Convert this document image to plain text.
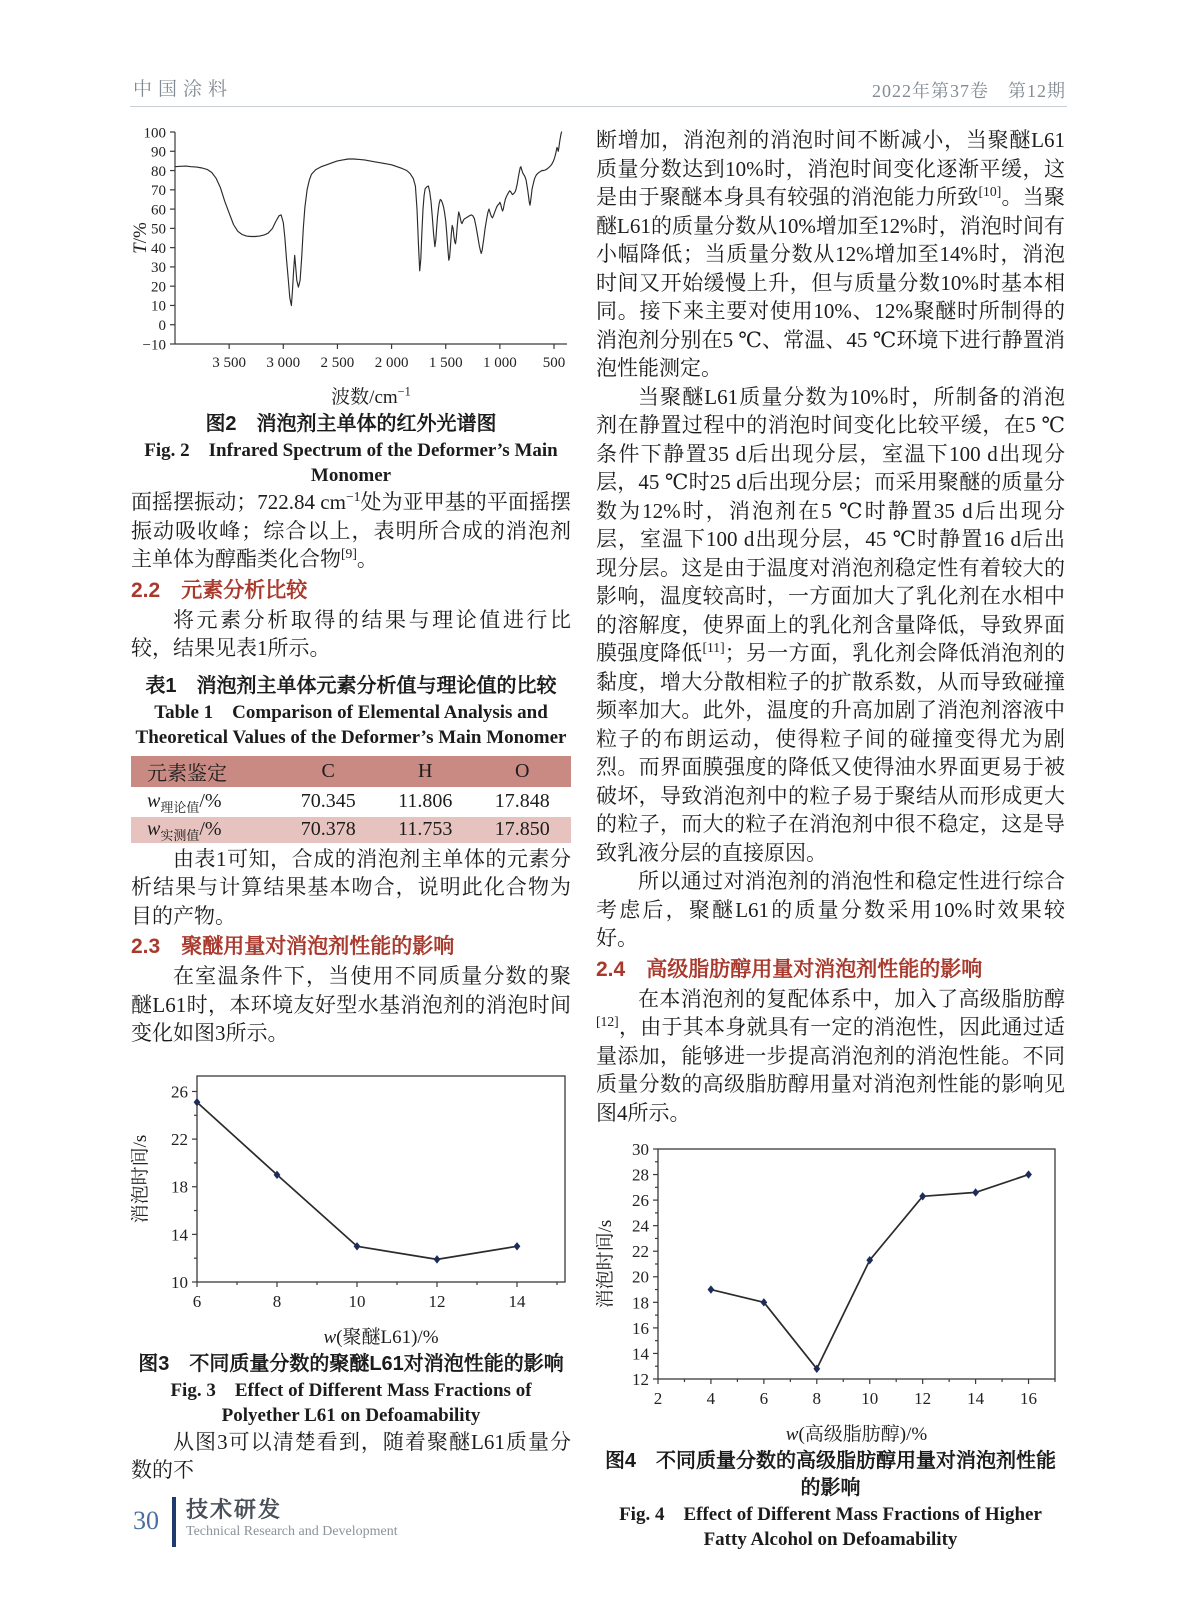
中国涂料	2022年第37卷　第12期
3 500 3 000 2 500 2 000 1 500 1 000 500
100
90
80
70
60
50
40
30
20
10
0
−10
T/%
波数$/cm^{-1}$
图2　消泡剂主单体的红外光谱图
Fig. 2　Infrared Spectrum of the Deformer’s Main Monomer

面摇摆振动；722.84 $cm^{-1}$处为亚甲基的平面摇摆振动吸收峰；综合以上，表明所合成的消泡剂主单体为醇酯类化合物[9]。

2.2　元素分析比较

将元素分析取得的结果与理论值进行比较，结果见表1所示。

表1　消泡剂主单体元素分析值与理论值的比较
Table 1　Comparison of Elemental Analysis and Theoretical Values of the Deformer’s Main Monomer
元素鉴定	C	H	O
$w_{理论值}/\%$	70.345	11.806	17.848
$w_{实测值}/\%$	70.378	11.753	17.850

由表1可知，合成的消泡剂主单体的元素分析结果与计算结果基本吻合，说明此化合物为目的产物。

2.3　聚醚用量对消泡剂性能的影响

在室温条件下，当使用不同质量分数的聚醚L61时，本环境友好型水基消泡剂的消泡时间变化如图3所示。

6	8	10	12	14
10
14
18
22
26
消泡时间/s
w(聚醚L61)/%
图3　不同质量分数的聚醚L61对消泡性能的影响
Fig. 3　Effect of Different Mass Fractions of Polyether L61 on Defoamability

从图3可以清楚看到，随着聚醚L61质量分数的不

断增加，消泡剂的消泡时间不断减小，当聚醚L61质量分数达到10%时，消泡时间变化逐渐平缓，这是由于聚醚本身具有较强的消泡能力所致[10]。当聚醚L61的质量分数从10%增加至12%时，消泡时间有小幅降低；当质量分数从12%增加至14%时，消泡时间又开始缓慢上升，但与质量分数10%时基本相同。接下来主要对使用10%、12%聚醚时所制得的消泡剂分别在5 ℃、常温、45 ℃环境下进行静置消泡性能测定。

当聚醚L61质量分数为10%时，所制备的消泡剂在静置过程中的消泡时间变化比较平缓，在5 ℃条件下静置35 d后出现分层，室温下100 d出现分层，45 ℃时25 d后出现分层；而采用聚醚的质量分数为12%时，消泡剂在5 ℃时静置35 d后出现分层，室温下100 d出现分层，45 ℃时静置16 d后出现分层。这是由于温度对消泡剂稳定性有着较大的影响，温度较高时，一方面加大了乳化剂在水相中的溶解度，使界面上的乳化剂含量降低，导致界面膜强度降低[11]；另一方面，乳化剂会降低消泡剂的黏度，增大分散相粒子的扩散系数，从而导致碰撞频率加大。此外，温度的升高加剧了消泡剂溶液中粒子的布朗运动，使得粒子间的碰撞变得尤为剧烈。而界面膜强度的降低又使得油水界面更易于被破坏，导致消泡剂中的粒子易于聚结从而形成更大的粒子，而大的粒子在消泡剂中很不稳定，这是导致乳液分层的直接原因。

所以通过对消泡剂的消泡性和稳定性进行综合考虑后，聚醚L61的质量分数采用10%时效果较好。

2.4　高级脂肪醇用量对消泡剂性能的影响

在本消泡剂的复配体系中，加入了高级脂肪醇[12]，由于其本身就具有一定的消泡性，因此通过适量添加，能够进一步提高消泡剂的消泡性能。不同质量分数的高级脂肪醇用量对消泡剂性能的影响见图4所示。

2	4	6	8 10 12 14 16
12
14
16
18
20
22
24
26
28
30
消泡时间/s
w(高级脂肪醇)/%
图4　不同质量分数的高级脂肪醇用量对消泡剂性能的影响
Fig. 4　Effect of Different Mass Fractions of Higher Fatty Alcohol on Defoamability
30 技术研发
Technical Research and Development
